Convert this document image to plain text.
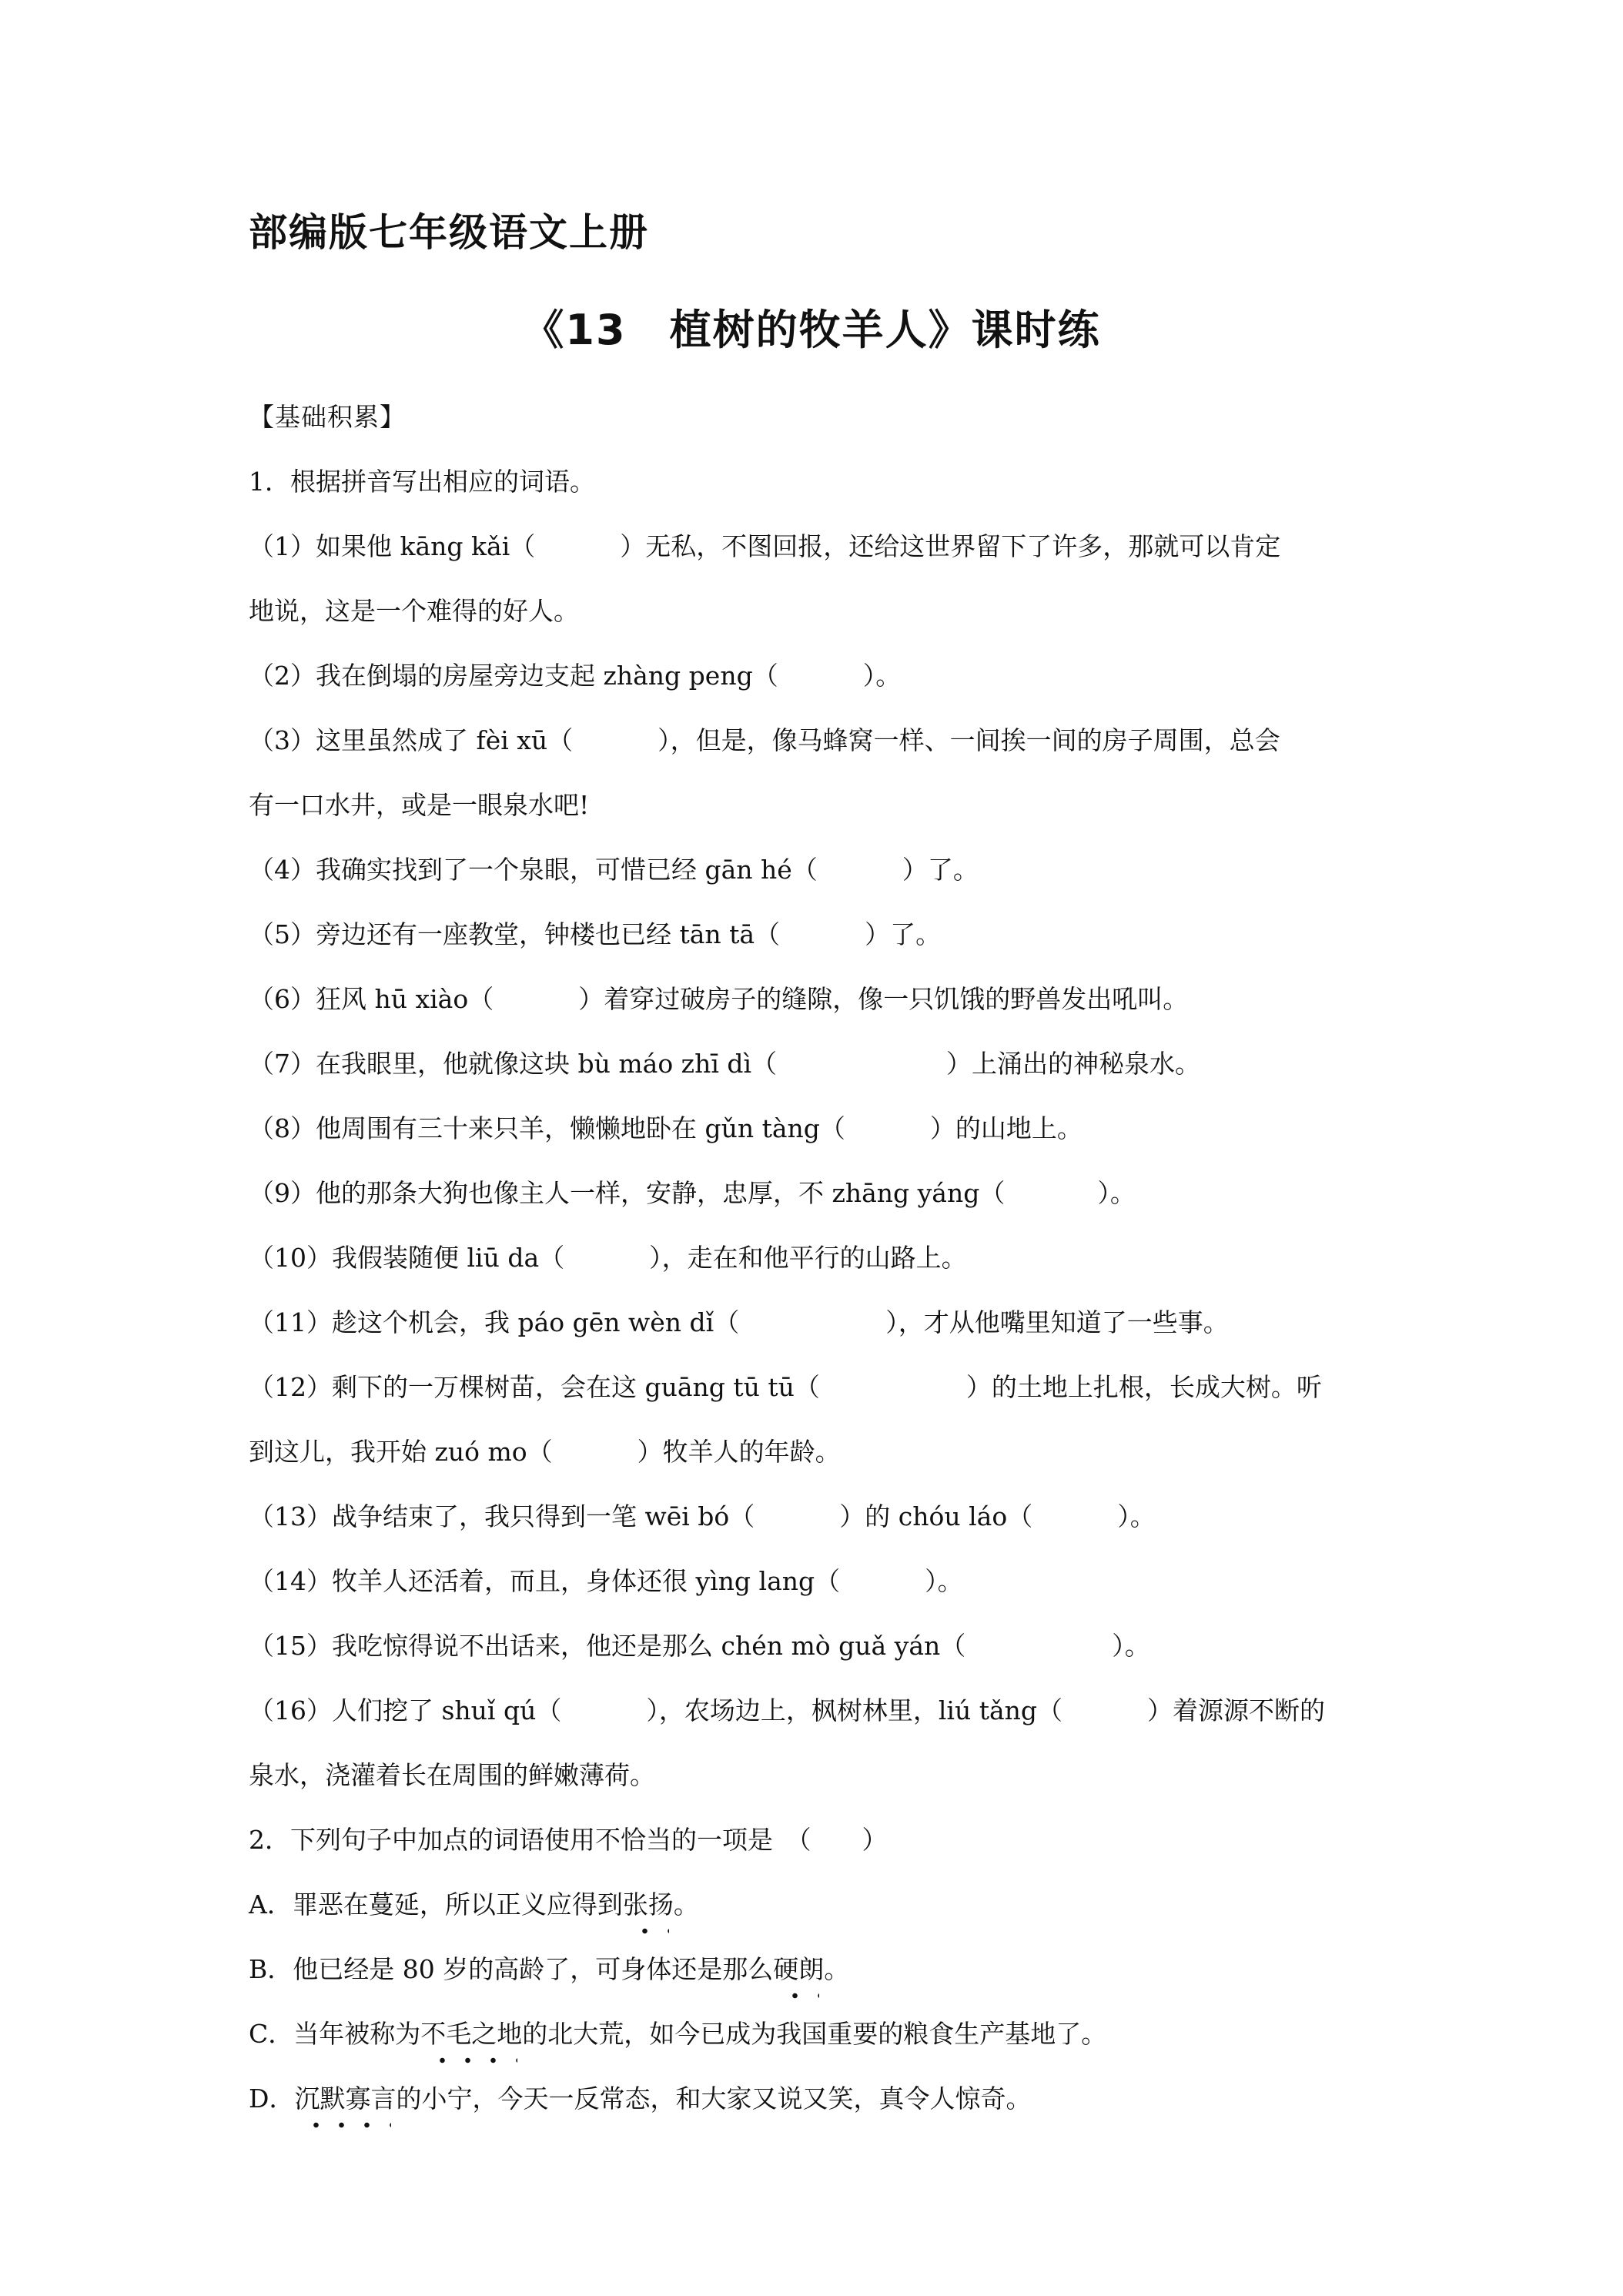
部编版七年级语文上册
《13　植树的牧羊人》课时练
【基础积累】
1．根据拼音写出相应的词语。
（1）如果他 kāng kǎi（	）无私，不图回报，还给这世界留下了许多，那就可以肯定
地说，这是一个难得的好人。
（2）我在倒塌的房屋旁边支起 zhàng peng（	）。
（3）这里虽然成了 fèi xū（	），但是，像马蜂窝一样、一间挨一间的房子周围，总会
有一口水井，或是一眼泉水吧!
（4）我确实找到了一个泉眼，可惜已经 gān hé（	）了。
（5）旁边还有一座教堂，钟楼也已经 tān tā（	）了。
（6）狂风 hū xiào（	）着穿过破房子的缝隙，像一只饥饿的野兽发出吼叫。
（7）在我眼里，他就像这块 bù máo zhī dì（	）上涌出的神秘泉水。
（8）他周围有三十来只羊，懒懒地卧在 gǔn tàng（	）的山地上。
（9）他的那条大狗也像主人一样，安静，忠厚，不 zhāng yáng（	）。
（10）我假装随便 liū da（	），走在和他平行的山路上。
（11）趁这个机会，我 páo gēn wèn dǐ（	），才从他嘴里知道了一些事。
（12）剩下的一万棵树苗，会在这 guāng tū tū（	）的土地上扎根，长成大树。听
到这儿，我开始 zuó mo（	）牧羊人的年龄。
（13）战争结束了，我只得到一笔 wēi bó（	）的 chóu láo（	）。
（14）牧羊人还活着，而且，身体还很 yìng lang（	）。
（15）我吃惊得说不出话来，他还是那么 chén mò guǎ yán（	）。
（16）人们挖了 shuǐ qú（	），农场边上，枫树林里，liú tǎng（	）着源源不断的
泉水，浇灌着长在周围的鲜嫩薄荷。
2．下列句子中加点的词语使用不恰当的一项是　（　　）
A．罪恶在蔓延，所以正义应得到张扬。
B．他已经是 80 岁的高龄了，可身体还是那么硬朗。
C．当年被称为不毛之地的北大荒，如今已成为我国重要的粮食生产基地了。
D．沉默寡言的小宁，今天一反常态，和大家又说又笑，真令人惊奇。
